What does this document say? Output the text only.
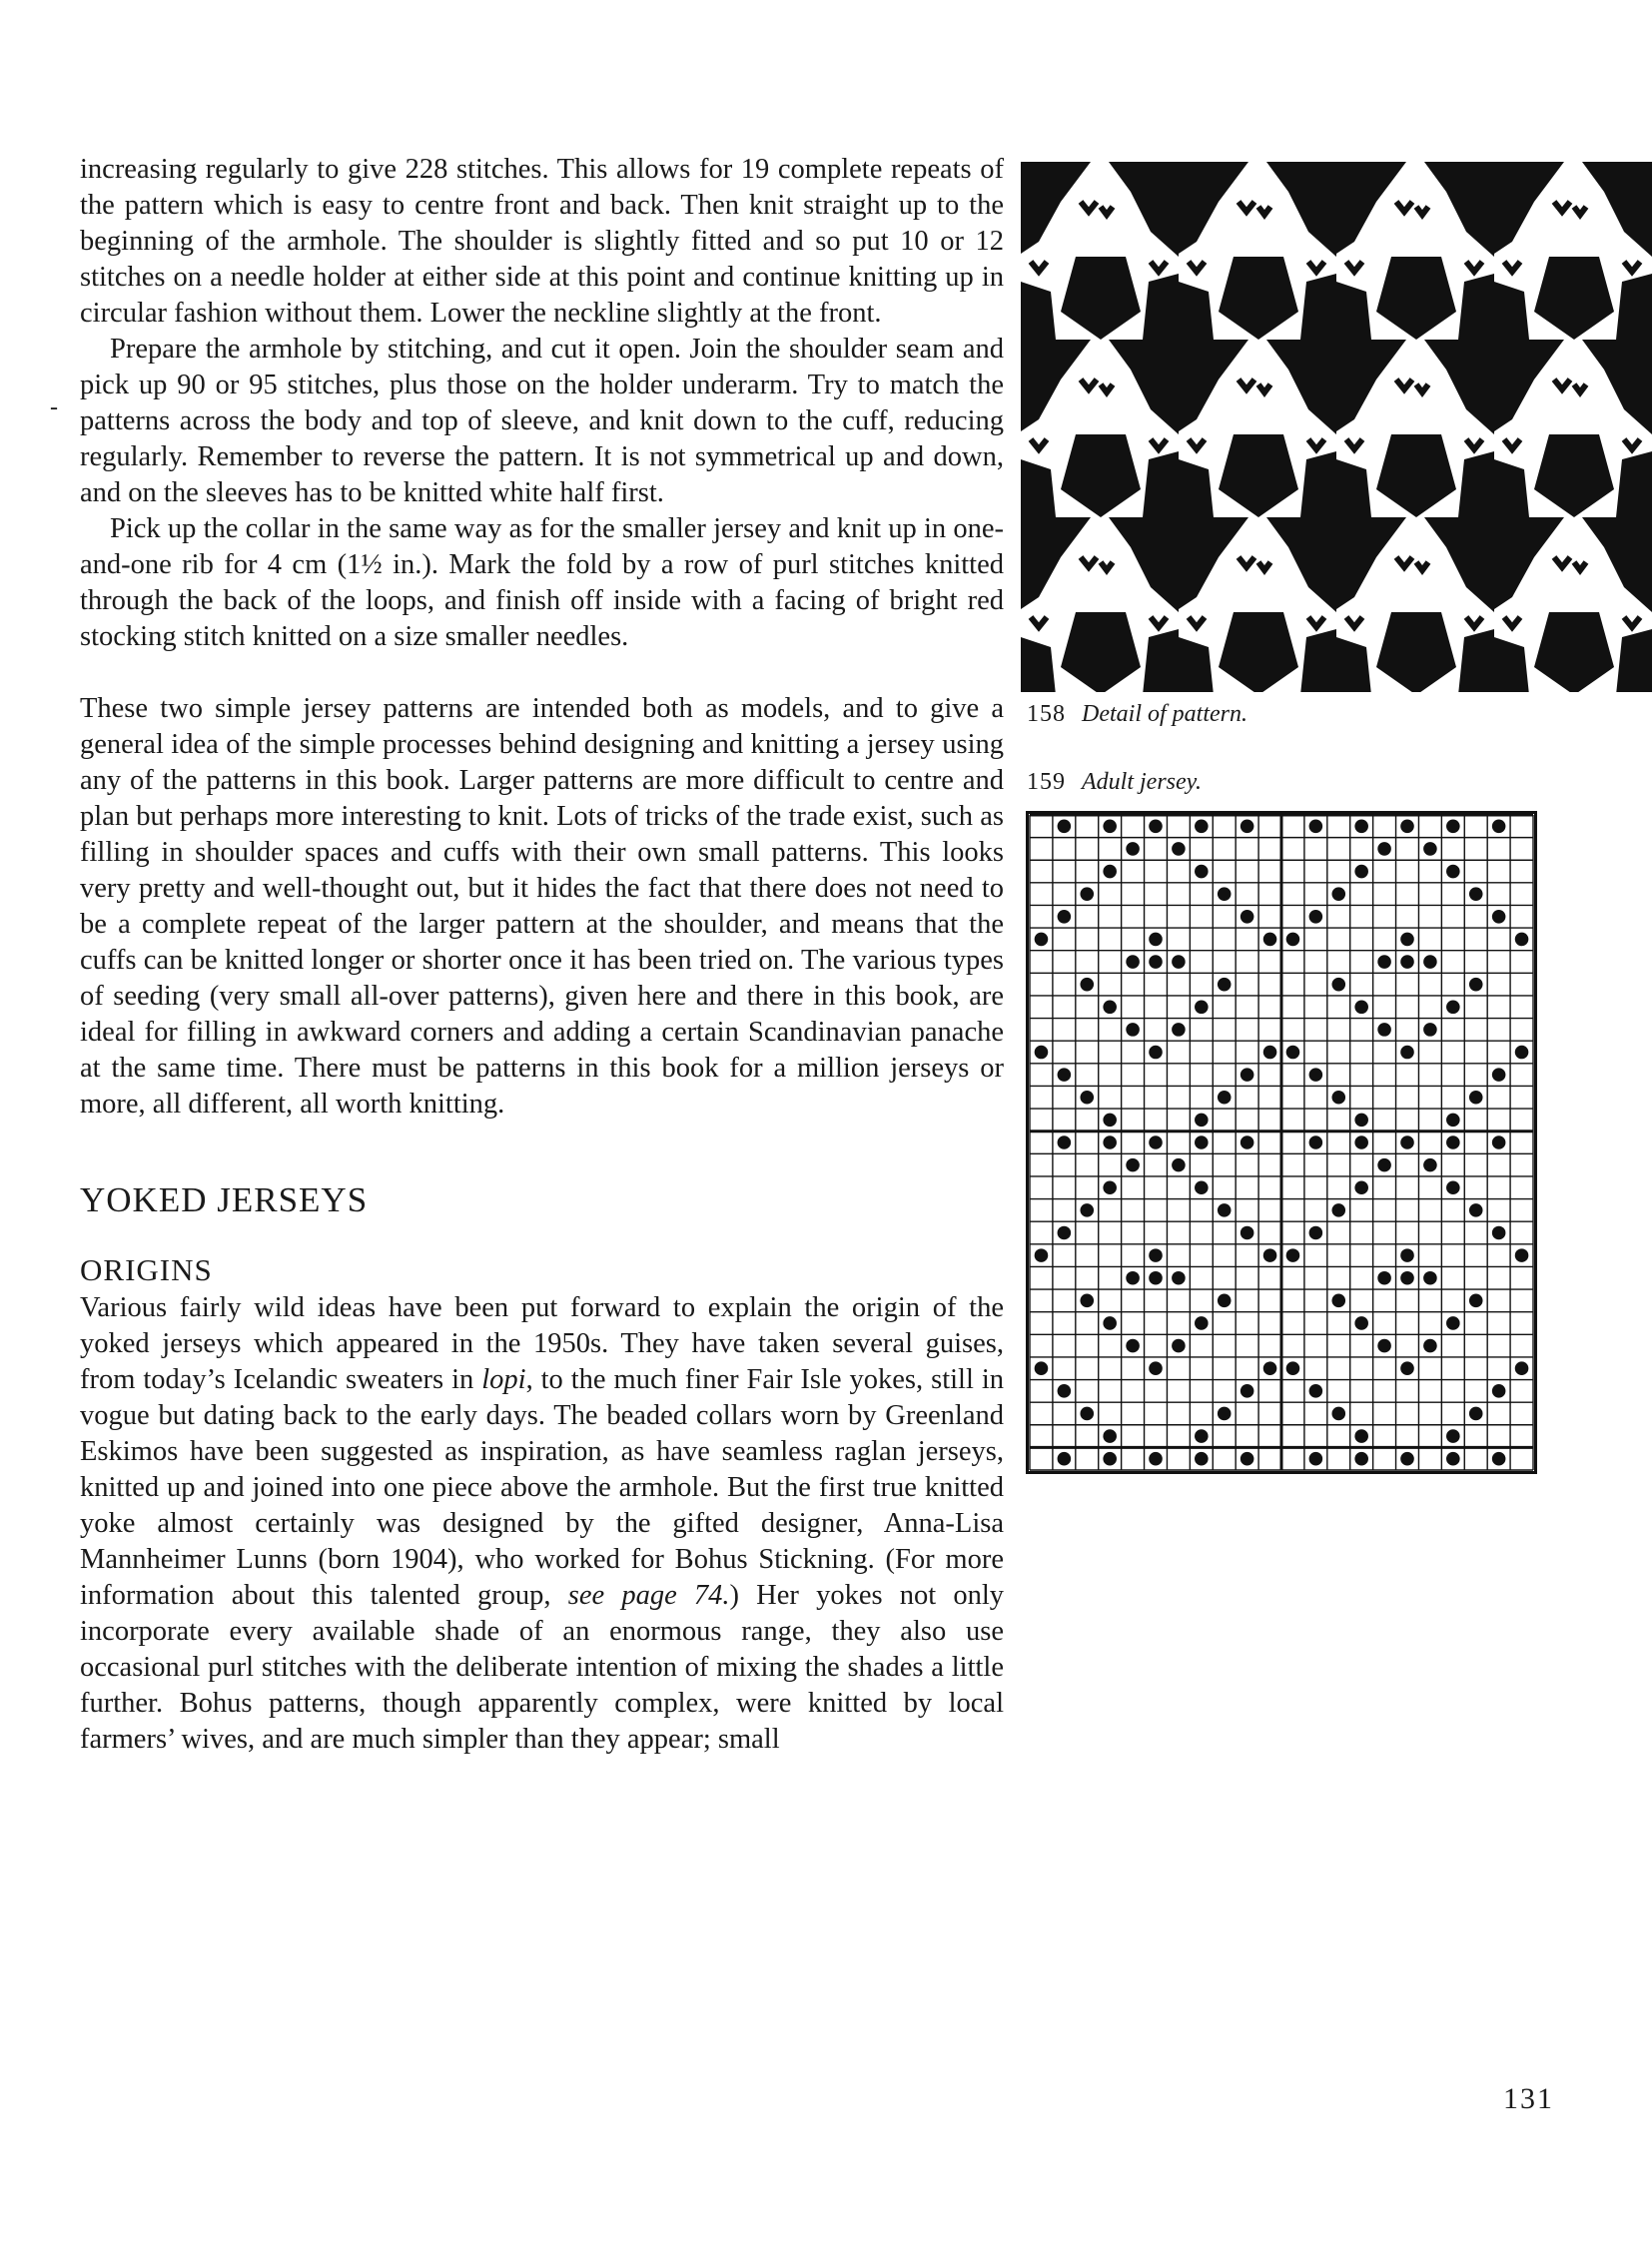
increasing regularly to give 228 stitches. This allows for 19 complete repeats of the pattern which is easy to centre front and back. Then knit straight up to the beginning of the armhole. The shoulder is slightly fitted and so put 10 or 12 stitches on a needle holder at either side at this point and continue knitting up in circular fashion without them. Lower the neckline slightly at the front.

Prepare the armhole by stitching, and cut it open. Join the shoulder seam and pick up 90 or 95 stitches, plus those on the holder underarm. Try to match the patterns across the body and top of sleeve, and knit down to the cuff, reducing regularly. Remember to reverse the pattern. It is not symmetrical up and down, and on the sleeves has to be knitted white half first.

Pick up the collar in the same way as for the smaller jersey and knit up in one-and-one rib for 4 cm (1½ in.). Mark the fold by a row of purl stitches knitted through the back of the loops, and finish off inside with a facing of bright red stocking stitch knitted on a size smaller needles.

These two simple jersey patterns are intended both as models, and to give a general idea of the simple processes behind designing and knitting a jersey using any of the patterns in this book. Larger patterns are more difficult to centre and plan but perhaps more interesting to knit. Lots of tricks of the trade exist, such as filling in shoulder spaces and cuffs with their own small patterns. This looks very pretty and well-thought out, but it hides the fact that there does not need to be a complete repeat of the larger pattern at the shoulder, and means that the cuffs can be knitted longer or shorter once it has been tried on. The various types of seeding (very small all-over patterns), given here and there in this book, are ideal for filling in awkward corners and adding a certain Scandinavian panache at the same time. There must be patterns in this book for a million jerseys or more, all different, all worth knitting.

YOKED JERSEYS
ORIGINS

Various fairly wild ideas have been put forward to explain the origin of the yoked jerseys which appeared in the 1950s. They have taken several guises, from today’s Icelandic sweaters in lopi, to the much finer Fair Isle yokes, still in vogue but dating back to the early days. The beaded collars worn by Greenland Eskimos have been suggested as inspiration, as have seamless raglan jerseys, knitted up and joined into one piece above the armhole. But the first true knitted yoke almost certainly was designed by the gifted designer, Anna-Lisa Mannheimer Lunns (born 1904), who worked for Bohus Stickning. (For more information about this talented group, see page 74.) Her yokes not only incorporate every available shade of an enormous range, they also use occasional purl stitches with the deliberate intention of mixing the shades a little further. Bohus patterns, though apparently complex, were knitted by local farmers’ wives, and are much simpler than they appear; small

-
158 Detail of pattern.
159 Adult jersey.
131
